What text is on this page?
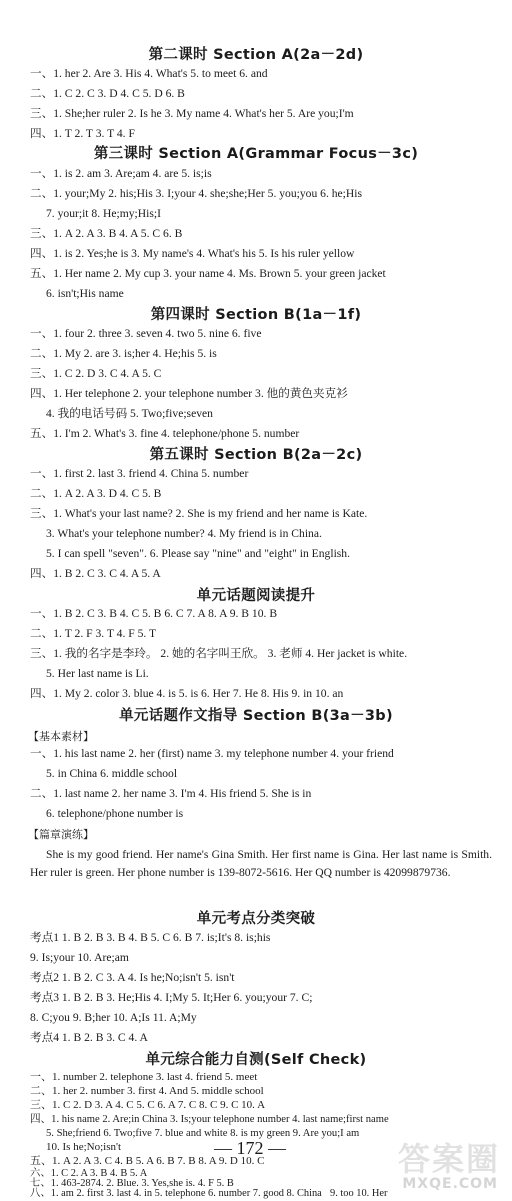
第二课时 Section A(2a－2d)
一、1. her 2. Are 3. His 4. What's 5. to meet 6. and
二、1. C 2. C 3. D 4. C 5. D 6. B
三、1. She;her ruler 2. Is he 3. My name 4. What's her 5. Are you;I'm
四、1. T 2. T 3. T 4. F
第三课时 Section A(Grammar Focus－3c)
一、1. is 2. am 3. Are;am 4. are 5. is;is
二、1. your;My 2. his;His 3. I;your 4. she;she;Her 5. you;you 6. he;His
7. your;it 8. He;my;His;I
三、1. A 2. A 3. B 4. A 5. C 6. B
四、1. is 2. Yes;he is 3. My name's 4. What's his 5. Is his ruler yellow
五、1. Her name 2. My cup 3. your name 4. Ms. Brown 5. your green jacket
6. isn't;His name
第四课时 Section B(1a－1f)
一、1. four 2. three 3. seven 4. two 5. nine 6. five
二、1. My 2. are 3. is;her 4. He;his 5. is
三、1. C 2. D 3. C 4. A 5. C
四、1. Her telephone 2. your telephone number 3. 他的黄色夹克衫
4. 我的电话号码 5. Two;five;seven
五、1. I'm 2. What's 3. fine 4. telephone/phone 5. number
第五课时 Section B(2a－2c)
一、1. first 2. last 3. friend 4. China 5. number
二、1. A 2. A 3. D 4. C 5. B
三、1. What's your last name? 2. She is my friend and her name is Kate.
3. What's your telephone number? 4. My friend is in China.
5. I can spell "seven". 6. Please say "nine" and "eight" in English.
四、1. B 2. C 3. C 4. A 5. A
单元话题阅读提升
一、1. B 2. C 3. B 4. C 5. B 6. C 7. A 8. A 9. B 10. B
二、1. T 2. F 3. T 4. F 5. T
三、1. 我的名字是李玲。 2. 她的名字叫王欣。 3. 老师 4. Her jacket is white.
5. Her last name is Li.
四、1. My 2. color 3. blue 4. is 5. is 6. Her 7. He 8. His 9. in 10. an
单元话题作文指导 Section B(3a－3b)
【基本素材】
一、1. his last name 2. her (first) name 3. my telephone number 4. your friend
5. in China 6. middle school
二、1. last name 2. her name 3. I'm 4. His friend 5. She is in
6. telephone/phone number is
【篇章演练】
She is my good friend. Her name's Gina Smith. Her first name is Gina. Her last name is Smith. Her ruler is green. Her phone number is 139-8072-5616. Her QQ number is 42099879736.
单元考点分类突破
考点1 1. B 2. B 3. B 4. B 5. C 6. B 7. is;It's 8. is;his
9. Is;your 10. Are;am
考点2 1. B 2. C 3. A 4. Is he;No;isn't 5. isn't
考点3 1. B 2. B 3. He;His 4. I;My 5. It;Her 6. you;your 7. C;
8. C;you 9. B;her 10. A;Is 11. A;My
考点4 1. B 2. B 3. C 4. A
单元综合能力自测(Self Check)
一、1. number 2. telephone 3. last 4. friend 5. meet
二、1. her 2. number 3. first 4. And 5. middle school
三、1. C 2. D 3. A 4. C 5. C 6. A 7. C 8. C 9. C 10. A
四、1. his name 2. Are;in China 3. Is;your telephone number 4. last name;first name
5. She;friend 6. Two;five 7. blue and white 8. is my green 9. Are you;I am
10. Is he;No;isn't
五、1. A 2. A 3. C 4. B 5. A 6. B 7. B 8. A 9. D 10. C
六、1. C 2. A 3. B 4. B 5. A
七、1. 463-2874. 2. Blue. 3. Yes,she is. 4. F 5. B
八、1. am 2. first 3. last 4. in 5. telephone 6. number 7. good 8. China 9. too 10. Her
— 172 —	答案圈
MXQE.COM
